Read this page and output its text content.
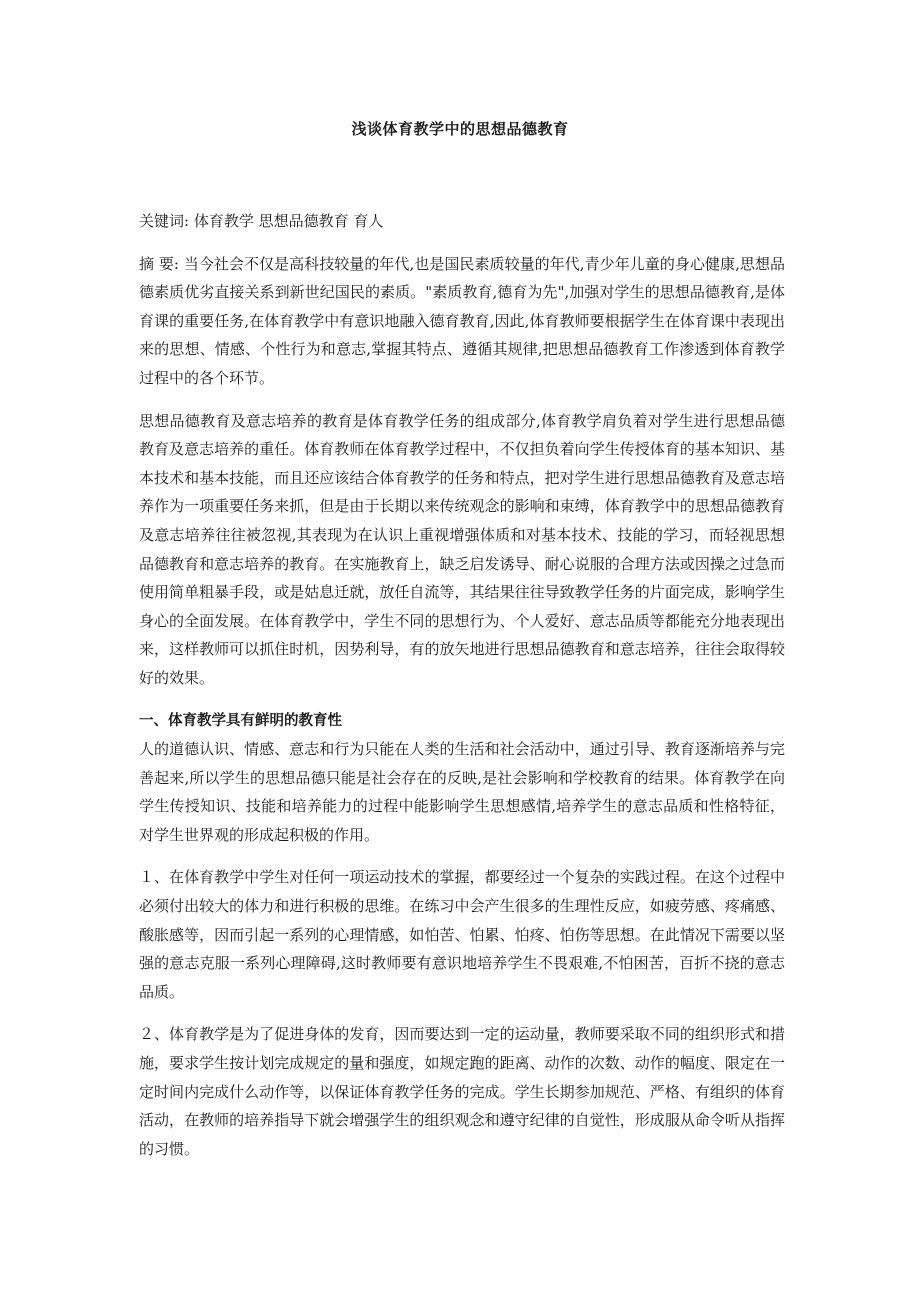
浅谈体育教学中的思想品德教育

关键词: 体育教学 思想品德教育 育人

摘 要: 当今社会不仅是高科技较量的年代,也是国民素质较量的年代,青少年儿童的身心健康,思想品德素质优劣直接关系到新世纪国民的素质。"素质教育,德育为先",加强对学生的思想品德教育,是体育课的重要任务,在体育教学中有意识地融入德育教育,因此,体育教师要根据学生在体育课中表现出来的思想、情感、个性行为和意志,掌握其特点、遵循其规律,把思想品德教育工作渗透到体育教学过程中的各个环节。

思想品德教育及意志培养的教育是体育教学任务的组成部分,体育教学肩负着对学生进行思想品德教育及意志培养的重任。体育教师在体育教学过程中，不仅担负着向学生传授体育的基本知识、基本技术和基本技能，而且还应该结合体育教学的任务和特点，把对学生进行思想品德教育及意志培养作为一项重要任务来抓，但是由于长期以来传统观念的影响和束缚，体育教学中的思想品德教育及意志培养往往被忽视,其表现为在认识上重视增强体质和对基本技术、技能的学习，而轻视思想品德教育和意志培养的教育。在实施教育上，缺乏启发诱导、耐心说服的合理方法或因操之过急而使用简单粗暴手段，或是姑息迁就，放任自流等，其结果往往导致教学任务的片面完成，影响学生身心的全面发展。在体育教学中，学生不同的思想行为、个人爱好、意志品质等都能充分地表现出来，这样教师可以抓住时机，因势利导，有的放矢地进行思想品德教育和意志培养，往往会取得较好的效果。

一、体育教学具有鲜明的教育性

人的道德认识、情感、意志和行为只能在人类的生活和社会活动中，通过引导、教育逐渐培养与完善起来,所以学生的思想品德只能是社会存在的反映,是社会影响和学校教育的结果。体育教学在向学生传授知识、技能和培养能力的过程中能影响学生思想感情,培养学生的意志品质和性格特征，对学生世界观的形成起积极的作用。

１、在体育教学中学生对任何一项运动技术的掌握，都要经过一个复杂的实践过程。在这个过程中必须付出较大的体力和进行积极的思维。在练习中会产生很多的生理性反应，如疲劳感、疼痛感、酸胀感等，因而引起一系列的心理情感，如怕苦、怕累、怕疼、怕伤等思想。在此情况下需要以坚强的意志克服一系列心理障碍,这时教师要有意识地培养学生不畏艰难,不怕困苦，百折不挠的意志品质。

２、体育教学是为了促进身体的发育，因而要达到一定的运动量，教师要采取不同的组织形式和措施，要求学生按计划完成规定的量和强度，如规定跑的距离、动作的次数、动作的幅度、限定在一定时间内完成什么动作等，以保证体育教学任务的完成。学生长期参加规范、严格、有组织的体育活动，在教师的培养指导下就会增强学生的组织观念和遵守纪律的自觉性，形成服从命令听从指挥的习惯。
